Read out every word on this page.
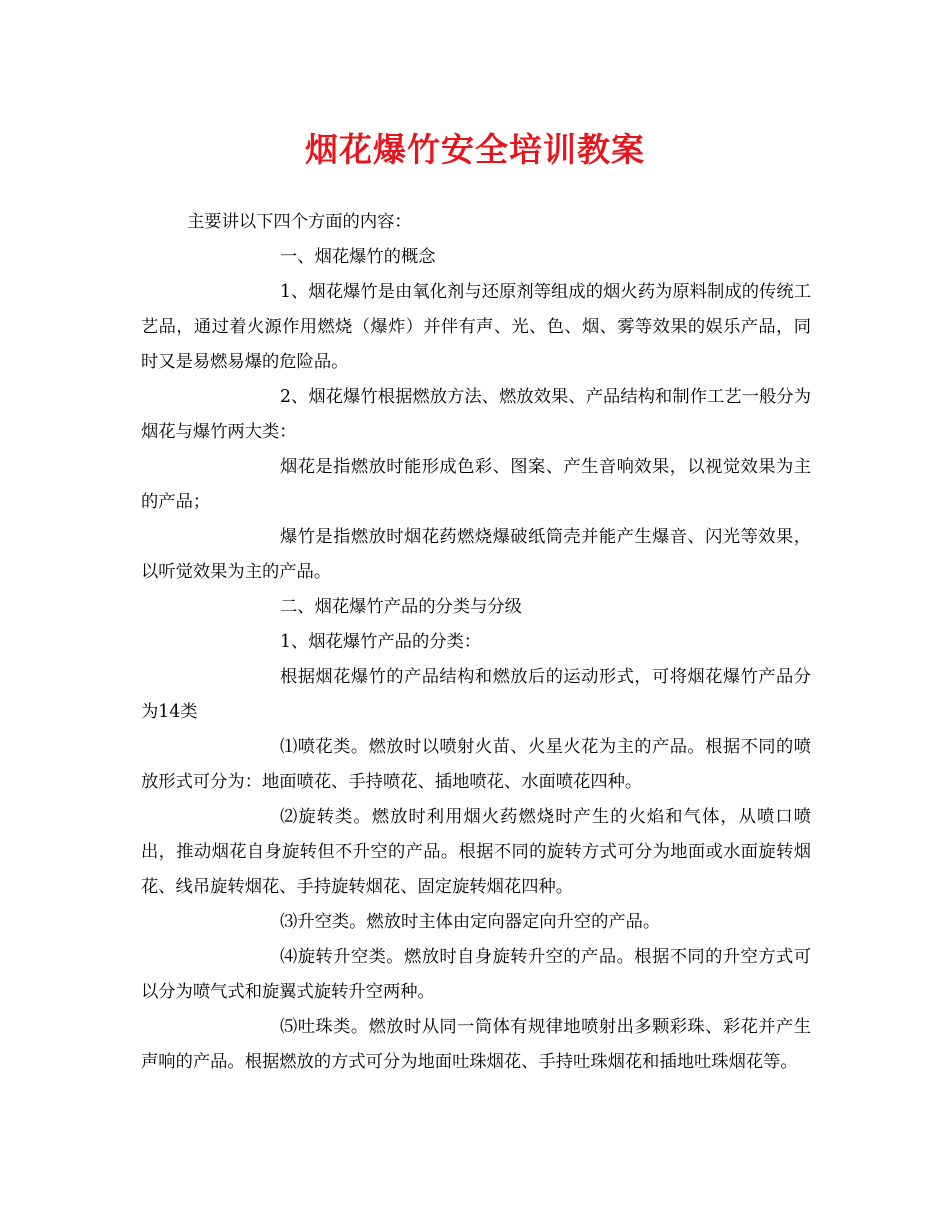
烟花爆竹安全培训教案

主要讲以下四个方面的内容：

一、烟花爆竹的概念

1、烟花爆竹是由氧化剂与还原剂等组成的烟火药为原料制成的传统工艺品，通过着火源作用燃烧（爆炸）并伴有声、光、色、烟、雾等效果的娱乐产品，同时又是易燃易爆的危险品。

2、烟花爆竹根据燃放方法、燃放效果、产品结构和制作工艺一般分为烟花与爆竹两大类：

烟花是指燃放时能形成色彩、图案、产生音响效果，以视觉效果为主的产品；

爆竹是指燃放时烟花药燃烧爆破纸筒壳并能产生爆音、闪光等效果，以听觉效果为主的产品。

二、烟花爆竹产品的分类与分级

1、烟花爆竹产品的分类：

根据烟花爆竹的产品结构和燃放后的运动形式，可将烟花爆竹产品分为14类

⑴喷花类。燃放时以喷射火苗、火星火花为主的产品。根据不同的喷放形式可分为：地面喷花、手持喷花、插地喷花、水面喷花四种。

⑵旋转类。燃放时利用烟火药燃烧时产生的火焰和气体，从喷口喷出，推动烟花自身旋转但不升空的产品。根据不同的旋转方式可分为地面或水面旋转烟花、线吊旋转烟花、手持旋转烟花、固定旋转烟花四种。

⑶升空类。燃放时主体由定向器定向升空的产品。

⑷旋转升空类。燃放时自身旋转升空的产品。根据不同的升空方式可以分为喷气式和旋翼式旋转升空两种。

⑸吐珠类。燃放时从同一筒体有规律地喷射出多颗彩珠、彩花并产生声响的产品。根据燃放的方式可分为地面吐珠烟花、手持吐珠烟花和插地吐珠烟花等。
